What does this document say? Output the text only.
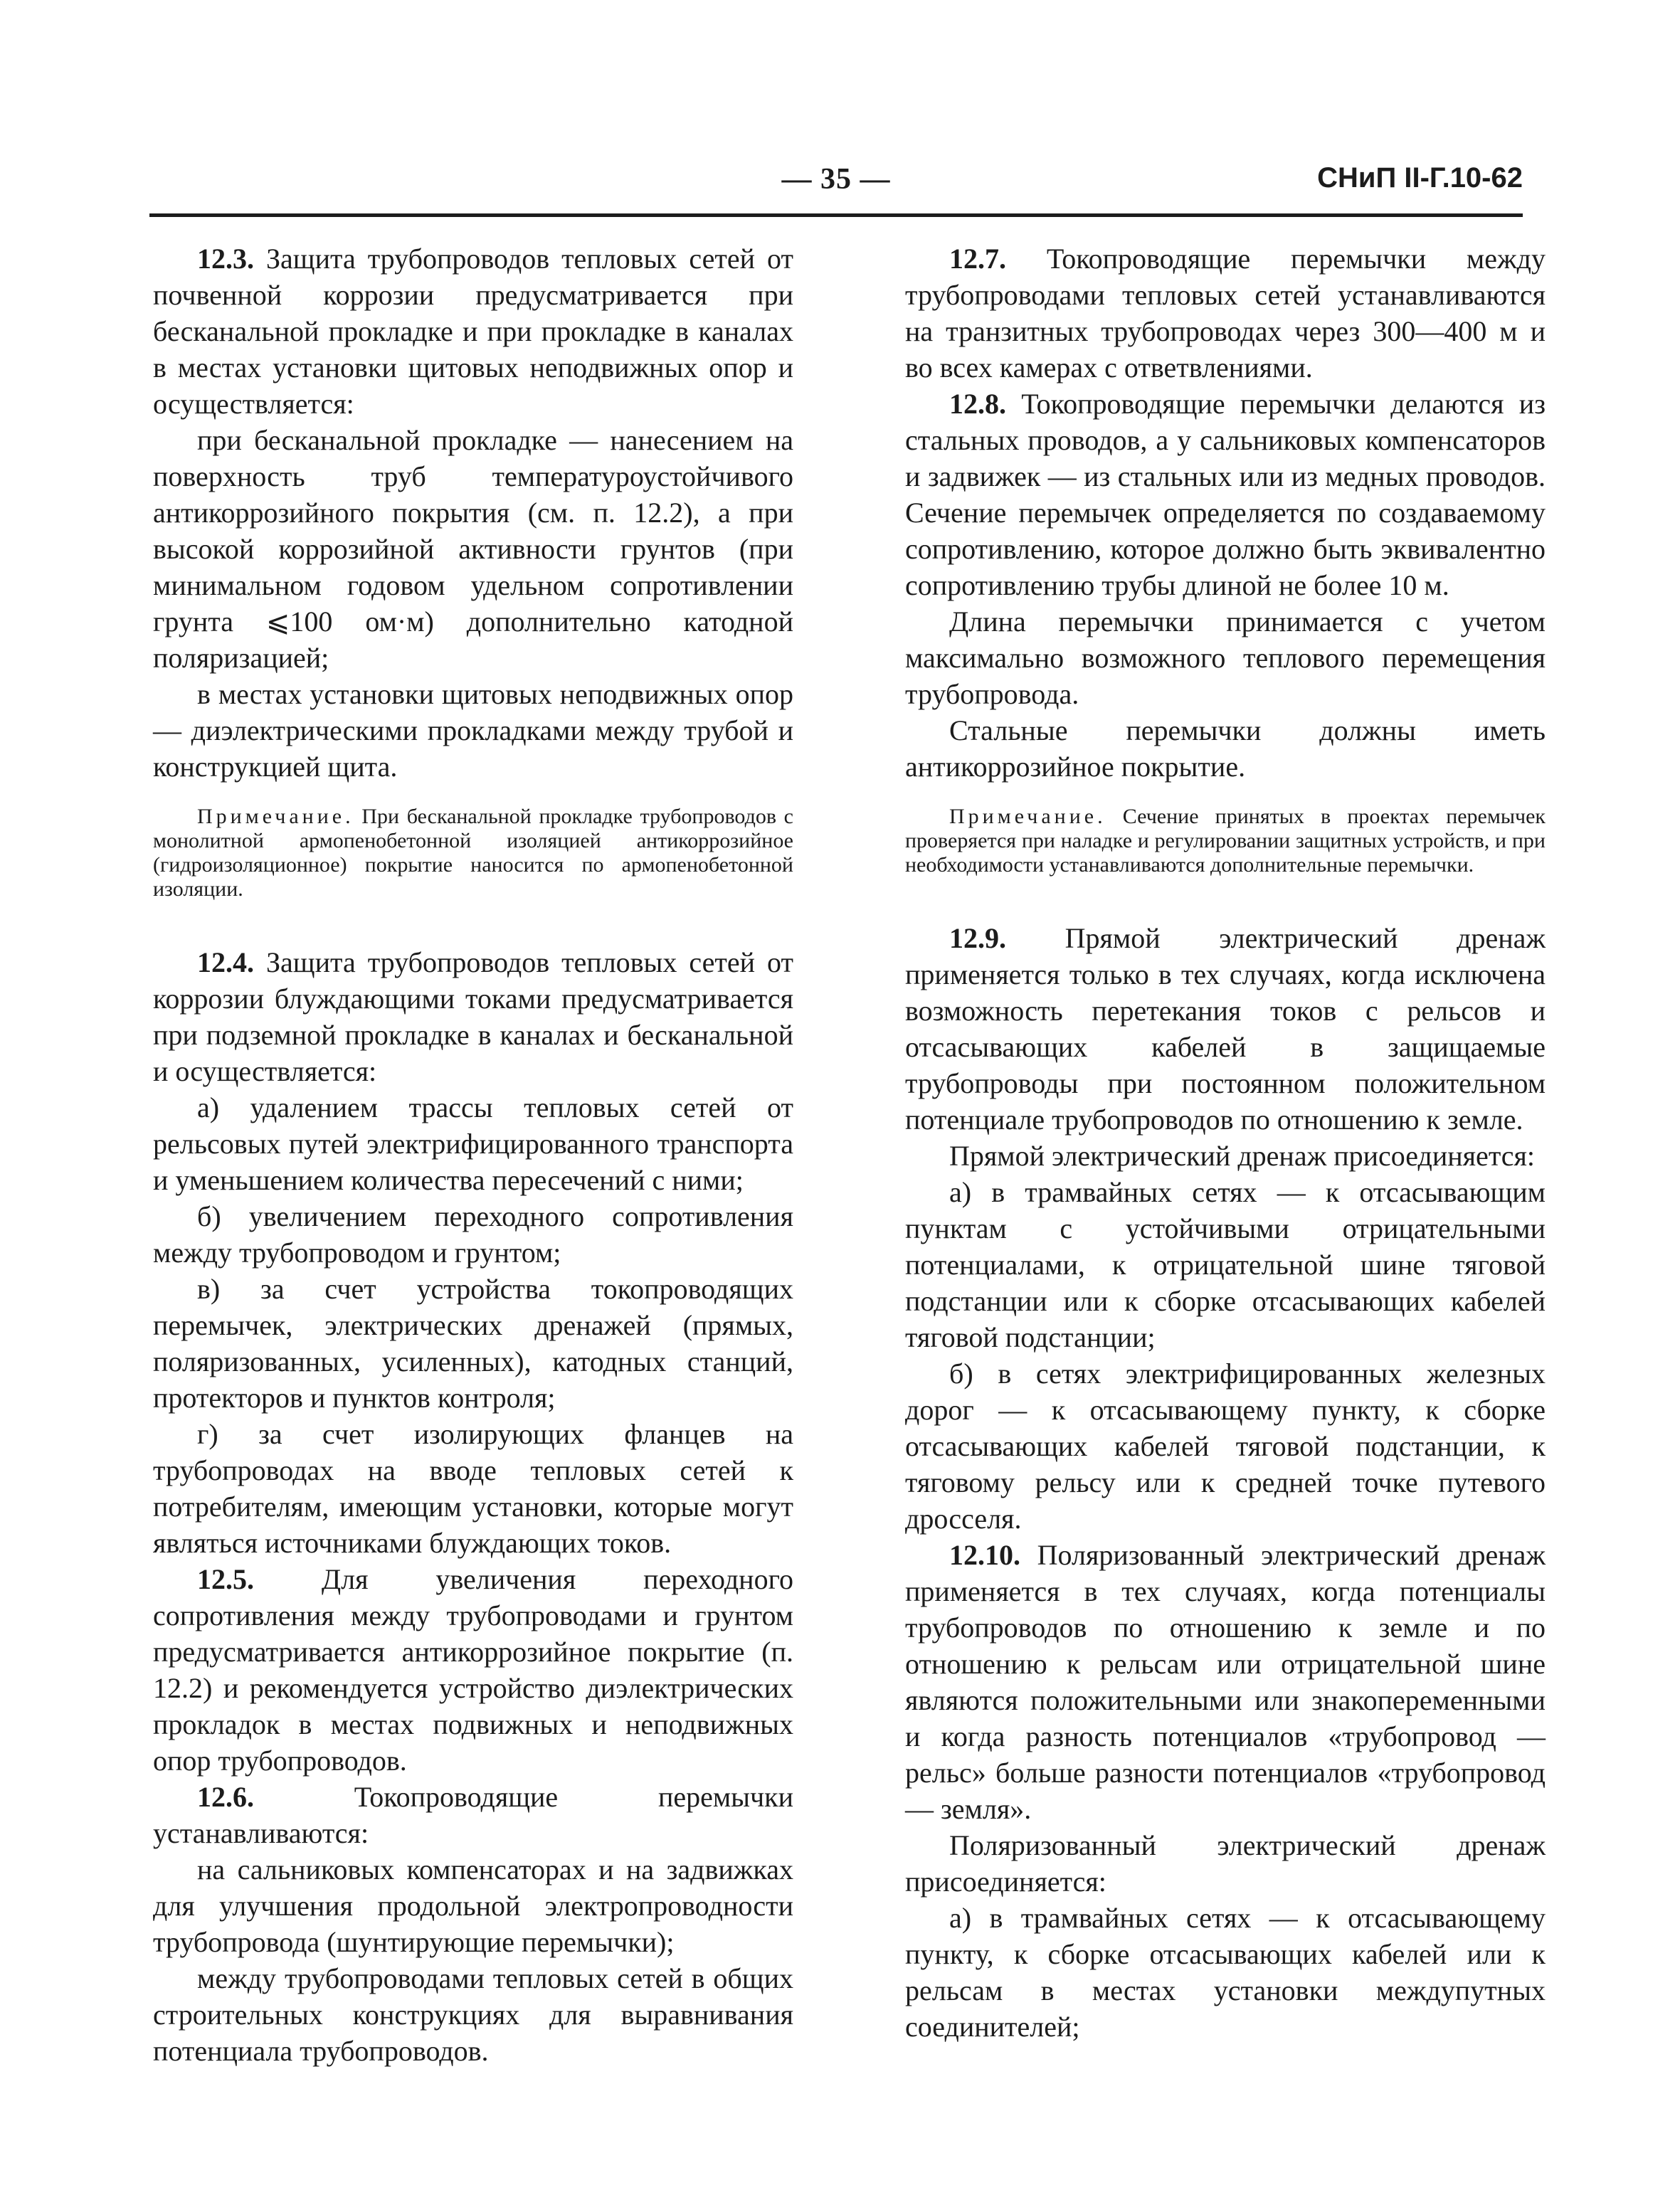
— 35 —	СНиП II-Г.10-62

12.3. Защита трубопроводов тепловых сетей от почвенной коррозии предусматривается при бесканальной прокладке и при прокладке в каналах в местах установки щитовых неподвижных опор и осуществляется:

при бесканальной прокладке — нанесением на поверхность труб температуроустойчивого антикоррозийного покрытия (см. п. 12.2), а при высокой коррозийной активности грунтов (при минимальном годовом удельном сопротивлении грунта ⩽100 ом·м) дополнительно катодной поляризацией;

в местах установки щитовых неподвижных опор — диэлектрическими прокладками между трубой и конструкцией щита.

Примечание. При бесканальной прокладке трубопроводов с монолитной армопенобетонной изоляцией антикоррозийное (гидроизоляционное) покрытие наносится по армопенобетонной изоляции.

12.4. Защита трубопроводов тепловых сетей от коррозии блуждающими токами предусматривается при подземной прокладке в каналах и бесканальной и осуществляется:

а) удалением трассы тепловых сетей от рельсовых путей электрифицированного транспорта и уменьшением количества пересечений с ними;

б) увеличением переходного сопротивления между трубопроводом и грунтом;

в) за счет устройства токопроводящих перемычек, электрических дренажей (прямых, поляризованных, усиленных), катодных станций, протекторов и пунктов контроля;

г) за счет изолирующих фланцев на трубопроводах на вводе тепловых сетей к потребителям, имеющим установки, которые могут являться источниками блуждающих токов.

12.5. Для увеличения переходного сопротивления между трубопроводами и грунтом предусматривается антикоррозийное покрытие (п. 12.2) и рекомендуется устройство диэлектрических прокладок в местах подвижных и неподвижных опор трубопроводов.

12.6. Токопроводящие перемычки устанавливаются:

на сальниковых компенсаторах и на задвижках для улучшения продольной электропроводности трубопровода (шунтирующие перемычки);

между трубопроводами тепловых сетей в общих строительных конструкциях для выравнивания потенциала трубопроводов.

12.7. Токопроводящие перемычки между трубопроводами тепловых сетей устанавливаются на транзитных трубопроводах через 300—400 м и во всех камерах с ответвлениями.

12.8. Токопроводящие перемычки делаются из стальных проводов, а у сальниковых компенсаторов и задвижек — из стальных или из медных проводов. Сечение перемычек определяется по создаваемому сопротивлению, которое должно быть эквивалентно сопротивлению трубы длиной не более 10 м.

Длина перемычки принимается с учетом максимально возможного теплового перемещения трубопровода.

Стальные перемычки должны иметь антикоррозийное покрытие.

Примечание. Сечение принятых в проектах перемычек проверяется при наладке и регулировании защитных устройств, и при необходимости устанавливаются дополнительные перемычки.

12.9. Прямой электрический дренаж применяется только в тех случаях, когда исключена возможность перетекания токов с рельсов и отсасывающих кабелей в защищаемые трубопроводы при постоянном положительном потенциале трубопроводов по отношению к земле.

Прямой электрический дренаж присоединяется:

а) в трамвайных сетях — к отсасывающим пунктам с устойчивыми отрицательными потенциалами, к отрицательной шине тяговой подстанции или к сборке отсасывающих кабелей тяговой подстанции;

б) в сетях электрифицированных железных дорог — к отсасывающему пункту, к сборке отсасывающих кабелей тяговой подстанции, к тяговому рельсу или к средней точке путевого дросселя.

12.10. Поляризованный электрический дренаж применяется в тех случаях, когда потенциалы трубопроводов по отношению к земле и по отношению к рельсам или отрицательной шине являются положительными или знакопеременными и когда разность потенциалов «трубопровод — рельс» больше разности потенциалов «трубопровод — земля».

Поляризованный электрический дренаж присоединяется:

а) в трамвайных сетях — к отсасывающему пункту, к сборке отсасывающих кабелей или к рельсам в местах установки междупутных соединителей;
